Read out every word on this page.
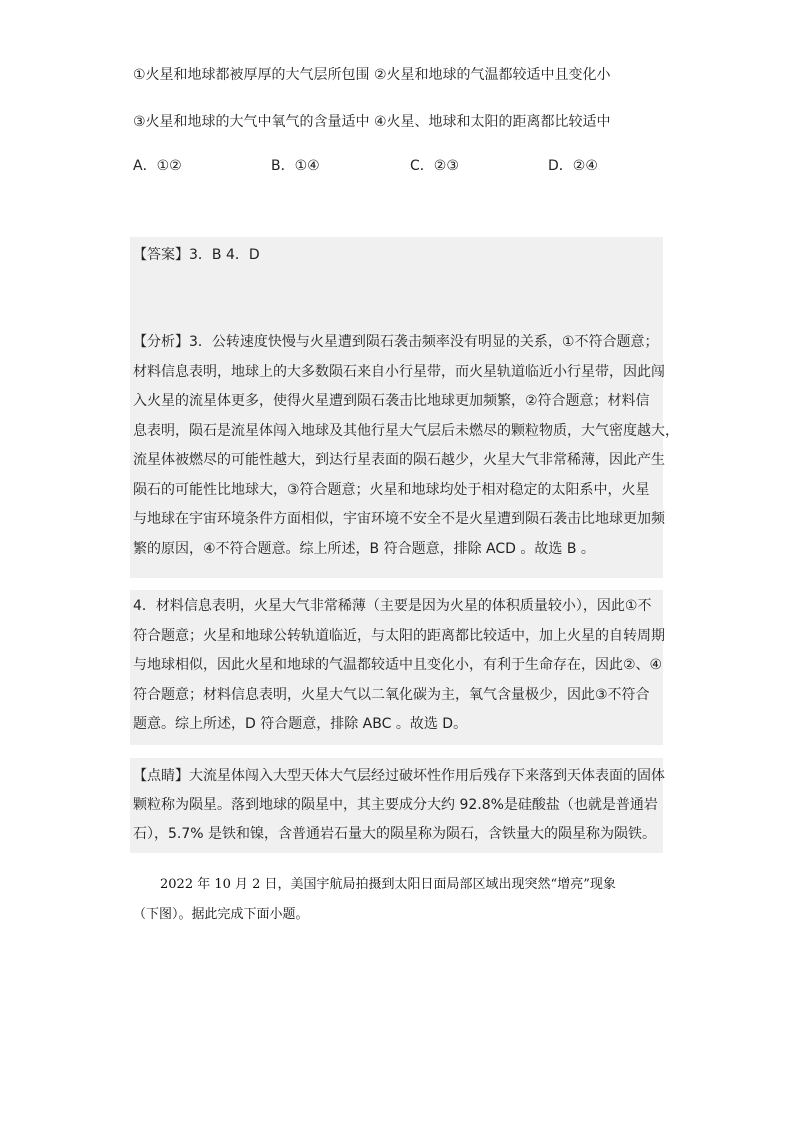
①火星和地球都被厚厚的大气层所包围 ②火星和地球的气温都较适中且变化小
③火星和地球的大气中氧气的含量适中 ④火星、地球和太阳的距离都比较适中
A．①②	B．①④	C．②③	D．②④
【答案】3．B 4．D
【分析】3．公转速度快慢与火星遭到陨石袭击频率没有明显的关系，①不符合题意；
材料信息表明，地球上的大多数陨石来自小行星带，而火星轨道临近小行星带，因此闯
入火星的流星体更多，使得火星遭到陨石袭击比地球更加频繁，②符合题意；材料信
息表明，陨石是流星体闯入地球及其他行星大气层后未燃尽的颗粒物质，大气密度越大，
流星体被燃尽的可能性越大，到达行星表面的陨石越少，火星大气非常稀薄，因此产生
陨石的可能性比地球大，③符合题意；火星和地球均处于相对稳定的太阳系中，火星
与地球在宇宙环境条件方面相似，宇宙环境不安全不是火星遭到陨石袭击比地球更加频
繁的原因，④不符合题意。综上所述，B 符合题意，排除 ACD 。故选 B 。
4．材料信息表明，火星大气非常稀薄（主要是因为火星的体积质量较小），因此①不
符合题意；火星和地球公转轨道临近，与太阳的距离都比较适中，加上火星的自转周期
与地球相似，因此火星和地球的气温都较适中且变化小，有利于生命存在，因此②、④
符合题意；材料信息表明，火星大气以二氧化碳为主，氧气含量极少，因此③不符合
题意。综上所述，D 符合题意，排除 ABC 。故选 D。
【点睛】大流星体闯入大型天体大气层经过破坏性作用后残存下来落到天体表面的固体
颗粒称为陨星。落到地球的陨星中，其主要成分大约 92.8%是硅酸盐（也就是普通岩
石），5.7% 是铁和镍，含普通岩石量大的陨星称为陨石，含铁量大的陨星称为陨铁。
2022 年 10 月 2 日，美国宇航局拍摄到太阳日面局部区域出现突然“增亮”现象
（下图）。据此完成下面小题。
